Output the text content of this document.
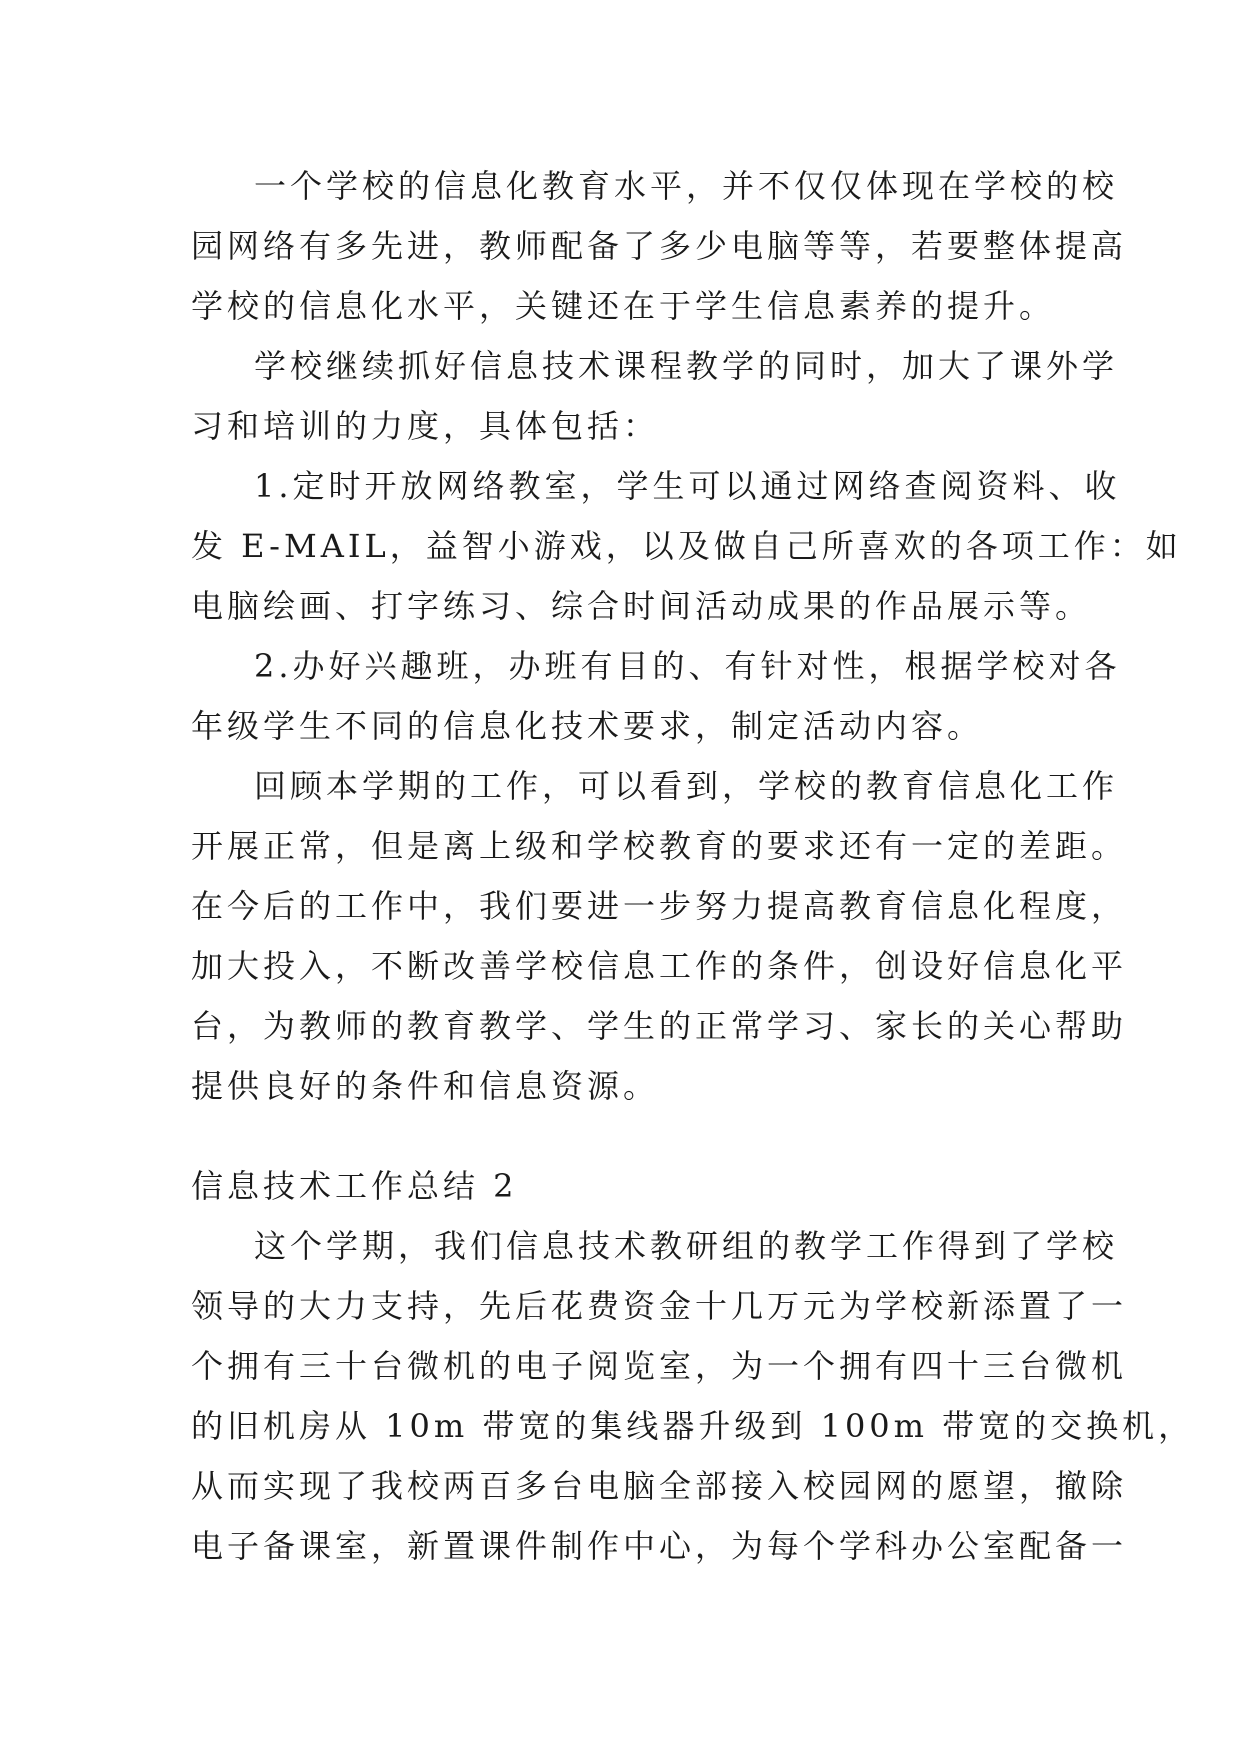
一个学校的信息化教育水平，并不仅仅体现在学校的校
园网络有多先进，教师配备了多少电脑等等，若要整体提高
学校的信息化水平，关键还在于学生信息素养的提升。
学校继续抓好信息技术课程教学的同时，加大了课外学
习和培训的力度，具体包括：
1.定时开放网络教室，学生可以通过网络查阅资料、收
发 E-MAIL，益智小游戏，以及做自己所喜欢的各项工作：如
电脑绘画、打字练习、综合时间活动成果的作品展示等。
2.办好兴趣班，办班有目的、有针对性，根据学校对各
年级学生不同的信息化技术要求，制定活动内容。
回顾本学期的工作，可以看到，学校的教育信息化工作
开展正常，但是离上级和学校教育的要求还有一定的差距。
在今后的工作中，我们要进一步努力提高教育信息化程度，
加大投入，不断改善学校信息工作的条件，创设好信息化平
台，为教师的教育教学、学生的正常学习、家长的关心帮助
提供良好的条件和信息资源。
信息技术工作总结 2
这个学期，我们信息技术教研组的教学工作得到了学校
领导的大力支持，先后花费资金十几万元为学校新添置了一
个拥有三十台微机的电子阅览室，为一个拥有四十三台微机
的旧机房从 10m 带宽的集线器升级到 100m 带宽的交换机，
从而实现了我校两百多台电脑全部接入校园网的愿望，撤除
电子备课室，新置课件制作中心，为每个学科办公室配备一
